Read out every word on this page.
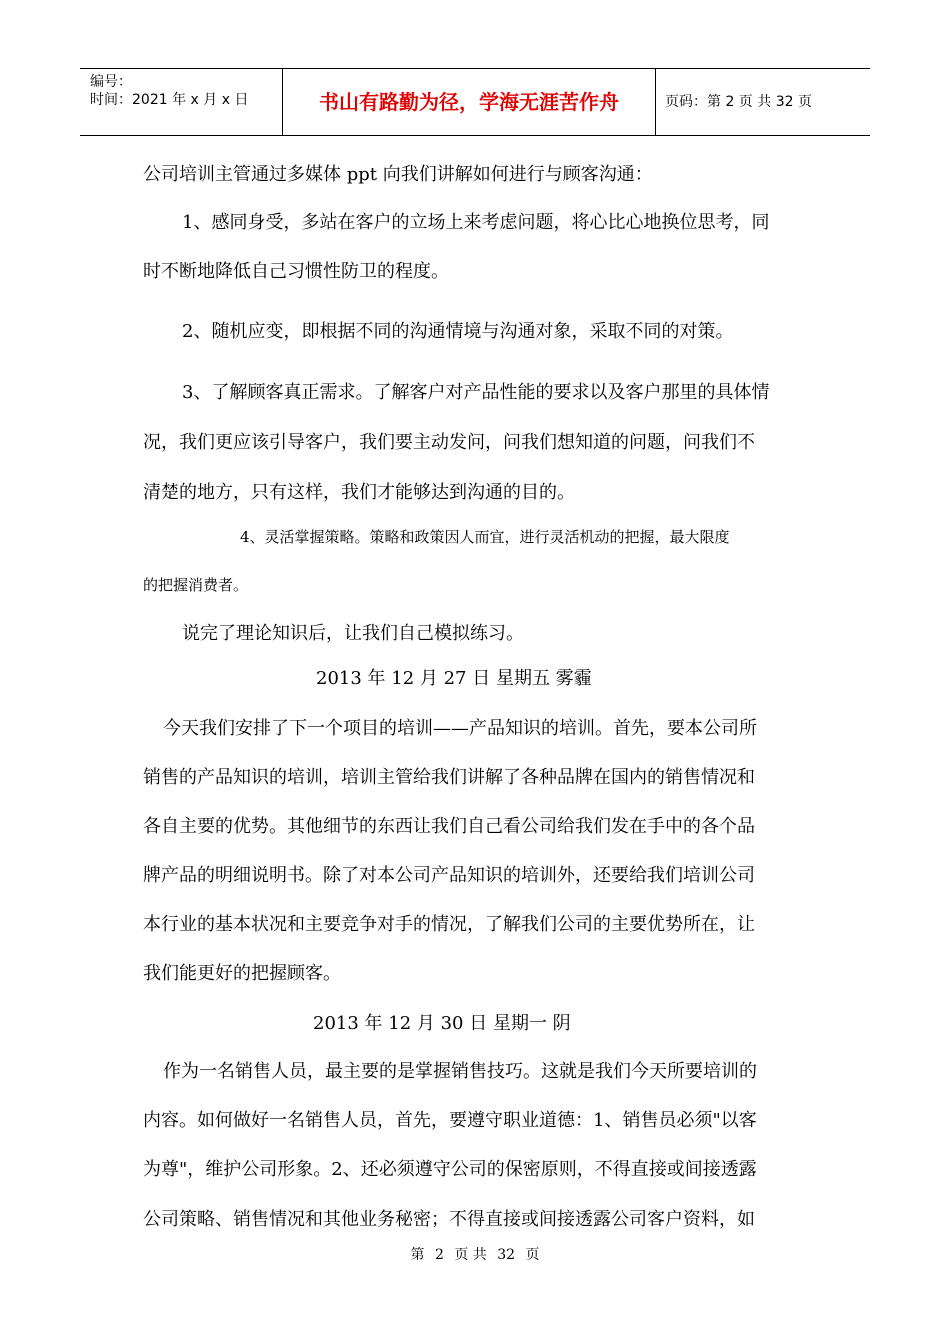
编号：
时间：2021 年 x 月 x 日	书山有路勤为径，学海无涯苦作舟	页码：第 2 页 共 32 页
公司培训主管通过多媒体 ppt 向我们讲解如何进行与顾客沟通：
1、感同身受，多站在客户的立场上来考虑问题，将心比心地换位思考，同
时不断地降低自己习惯性防卫的程度。
2、随机应变，即根据不同的沟通情境与沟通对象，采取不同的对策。
3、了解顾客真正需求。了解客户对产品性能的要求以及客户那里的具体情
况，我们更应该引导客户，我们要主动发问，问我们想知道的问题，问我们不
清楚的地方，只有这样，我们才能够达到沟通的目的。
4、灵活掌握策略。策略和政策因人而宜，进行灵活机动的把握，最大限度
的把握消费者。
说完了理论知识后，让我们自己模拟练习。
2013 年 12 月 27 日 星期五 雾霾
今天我们安排了下一个项目的培训——产品知识的培训。首先，要本公司所
销售的产品知识的培训，培训主管给我们讲解了各种品牌在国内的销售情况和
各自主要的优势。其他细节的东西让我们自己看公司给我们发在手中的各个品
牌产品的明细说明书。除了对本公司产品知识的培训外，还要给我们培训公司
本行业的基本状况和主要竞争对手的情况，了解我们公司的主要优势所在，让
我们能更好的把握顾客。
2013 年 12 月 30 日 星期一 阴
作为一名销售人员，最主要的是掌握销售技巧。这就是我们今天所要培训的
内容。如何做好一名销售人员，首先，要遵守职业道德：1、销售员必须"以客
为尊"，维护公司形象。2、还必须遵守公司的保密原则，不得直接或间接透露
公司策略、销售情况和其他业务秘密；不得直接或间接透露公司客户资料，如
第 2 页 共 32 页
